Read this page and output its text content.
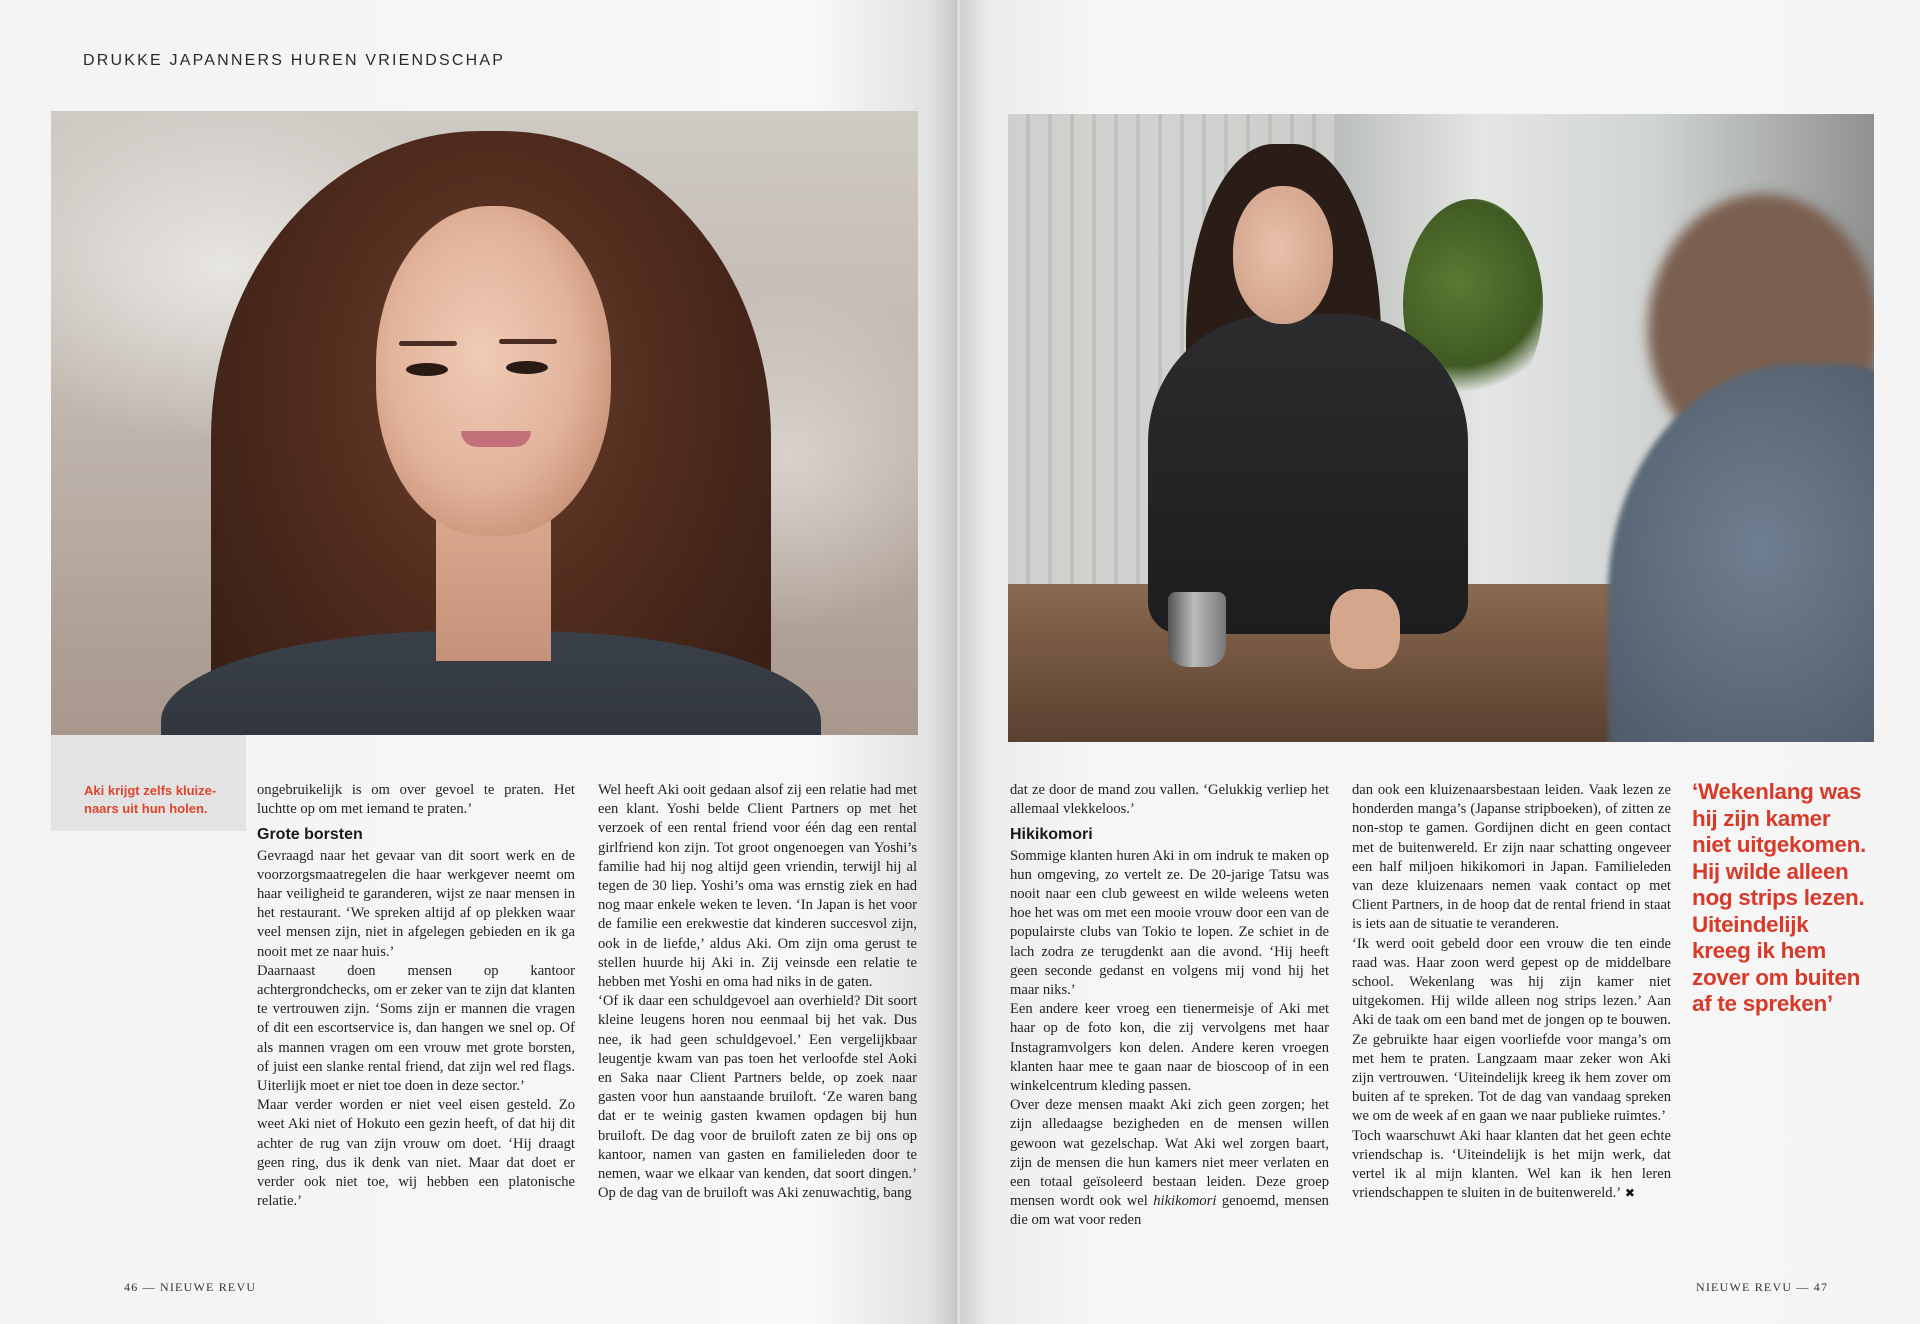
DRUKKE JAPANNERS HUREN VRIENDSCHAP
Aki krijgt zelfs kluize-naars uit hun holen.

ongebruikelijk is om over gevoel te praten. Het luchtte op om met iemand te praten.’

Grote borsten

Gevraagd naar het gevaar van dit soort werk en de voorzorgsmaatregelen die haar werkgever neemt om haar veiligheid te garanderen, wijst ze naar mensen in het restaurant. ‘We spreken altijd af op plekken waar veel mensen zijn, niet in afgelegen gebieden en ik ga nooit met ze naar huis.’

Daarnaast doen mensen op kantoor achtergrondchecks, om er zeker van te zijn dat klanten te vertrouwen zijn. ‘Soms zijn er mannen die vragen of dit een escortservice is, dan hangen we snel op. Of als mannen vragen om een vrouw met grote borsten, of juist een slanke rental friend, dat zijn wel red flags. Uiterlijk moet er niet toe doen in deze sector.’

Maar verder worden er niet veel eisen gesteld. Zo weet Aki niet of Hokuto een gezin heeft, of dat hij dit achter de rug van zijn vrouw om doet. ‘Hij draagt geen ring, dus ik denk van niet. Maar dat doet er verder ook niet toe, wij hebben een platonische relatie.’

Wel heeft Aki ooit gedaan alsof zij een relatie had met een klant. Yoshi belde Client Partners op met het verzoek of een rental friend voor één dag een rental girlfriend kon zijn. Tot groot ongenoegen van Yoshi’s familie had hij nog altijd geen vriendin, terwijl hij al tegen de 30 liep. Yoshi’s oma was ernstig ziek en had nog maar enkele weken te leven. ‘In Japan is het voor de familie een erekwestie dat kinderen succesvol zijn, ook in de liefde,’ aldus Aki. Om zijn oma gerust te stellen huurde hij Aki in. Zij veinsde een relatie te hebben met Yoshi en oma had niks in de gaten.

‘Of ik daar een schuldgevoel aan overhield? Dit soort kleine leugens horen nou eenmaal bij het vak. Dus nee, ik had geen schuldgevoel.’ Een vergelijkbaar leugentje kwam van pas toen het verloofde stel Aoki en Saka naar Client Partners belde, op zoek naar gasten voor hun aanstaande bruiloft. ‘Ze waren bang dat er te weinig gasten kwamen opdagen bij hun bruiloft. De dag voor de bruiloft zaten ze bij ons op kantoor, namen van gasten en familieleden door te nemen, waar we elkaar van kenden, dat soort dingen.’ Op de dag van de bruiloft was Aki zenuwachtig, bang

46 — NIEUWE REVU

dat ze door de mand zou vallen. ‘Gelukkig verliep het allemaal vlekkeloos.’

Hikikomori

Sommige klanten huren Aki in om indruk te maken op hun omgeving, zo vertelt ze. De 20-jarige Tatsu was nooit naar een club geweest en wilde weleens weten hoe het was om met een mooie vrouw door een van de populairste clubs van Tokio te lopen. Ze schiet in de lach zodra ze terugdenkt aan die avond. ‘Hij heeft geen seconde gedanst en volgens mij vond hij het maar niks.’

Een andere keer vroeg een tienermeisje of Aki met haar op de foto kon, die zij vervolgens met haar Instagramvolgers kon delen. Andere keren vroegen klanten haar mee te gaan naar de bioscoop of in een winkelcentrum kleding passen.

Over deze mensen maakt Aki zich geen zorgen; het zijn alledaagse bezigheden en de mensen willen gewoon wat gezelschap. Wat Aki wel zorgen baart, zijn de mensen die hun kamers niet meer verlaten en een totaal geïsoleerd bestaan leiden. Deze groep mensen wordt ook wel hikikomori genoemd, mensen die om wat voor reden

dan ook een kluizenaarsbestaan leiden. Vaak lezen ze honderden manga’s (Japanse stripboeken), of zitten ze non-stop te gamen. Gordijnen dicht en geen contact met de buitenwereld. Er zijn naar schatting ongeveer een half miljoen hikikomori in Japan. Familieleden van deze kluizenaars nemen vaak contact op met Client Partners, in de hoop dat de rental friend in staat is iets aan de situatie te veranderen.

‘Ik werd ooit gebeld door een vrouw die ten einde raad was. Haar zoon werd gepest op de middelbare school. Wekenlang was hij zijn kamer niet uitgekomen. Hij wilde alleen nog strips lezen.’ Aan Aki de taak om een band met de jongen op te bouwen. Ze gebruikte haar eigen voorliefde voor manga’s om met hem te praten. Langzaam maar zeker won Aki zijn vertrouwen. ‘Uiteindelijk kreeg ik hem zover om buiten af te spreken. Tot de dag van vandaag spreken we om de week af en gaan we naar publieke ruimtes.’

Toch waarschuwt Aki haar klanten dat het geen echte vriendschap is. ‘Uiteindelijk is het mijn werk, dat vertel ik al mijn klanten. Wel kan ik hen leren vriendschappen te sluiten in de buitenwereld.’ ✖

‘Wekenlang was hij zijn kamer niet uitgekomen. Hij wilde alleen nog strips lezen. Uiteindelijk kreeg ik hem zover om buiten af te spreken’
NIEUWE REVU — 47
